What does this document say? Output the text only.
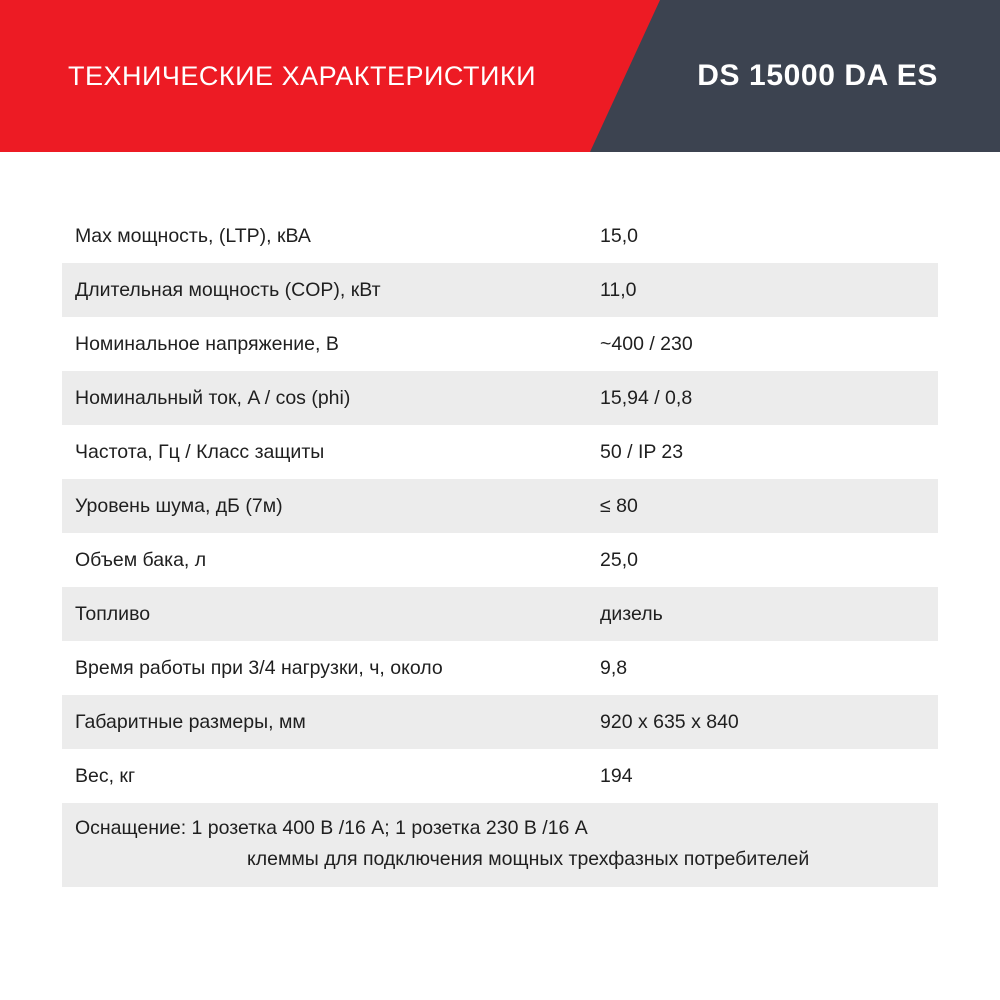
ТЕХНИЧЕСКИЕ ХАРАКТЕРИСТИКИ	DS 15000 DA ES
Max мощность, (LTP), кВА	15,0
Длительная мощность (COP), кВт	11,0
Номинальное напряжение, В	~400 / 230
Номинальный ток, A / cos (phi)	15,94 / 0,8
Частота, Гц / Класс защиты	50 / IP 23
Уровень шума, дБ (7м)	≤ 80
Объем бака, л	25,0
Топливо	дизель
Время работы при 3/4 нагрузки, ч, около	9,8
Габаритные размеры, мм	920 x 635 x 840
Вес, кг	194
Оснащение: 1 розетка 400 В /16 A; 1 розетка 230 В /16 A
клеммы для подключения мощных трехфазных потребителей
